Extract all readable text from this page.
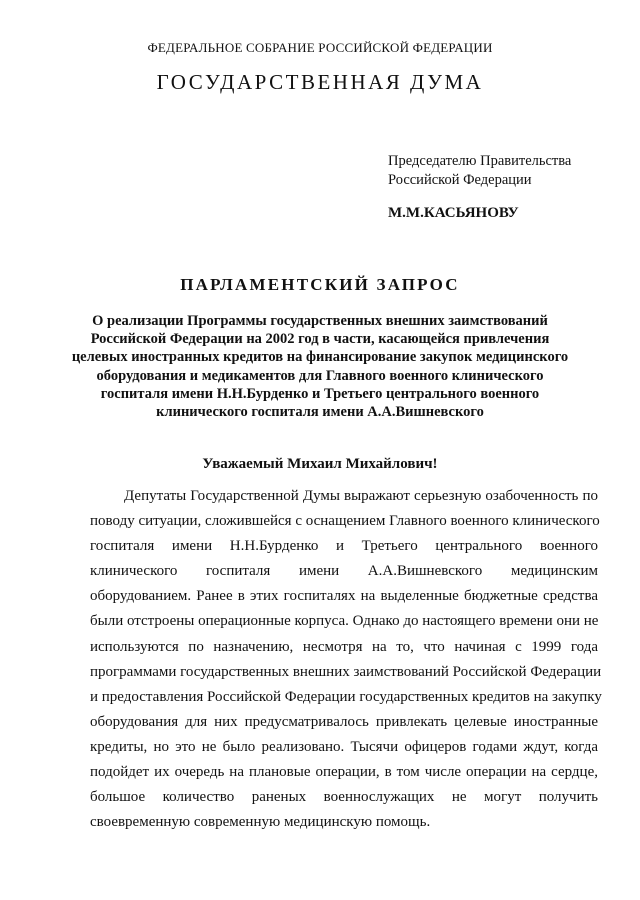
ФЕДЕРАЛЬНОЕ СОБРАНИЕ РОССИЙСКОЙ ФЕДЕРАЦИИ
ГОСУДАРСТВЕННАЯ ДУМА
Председателю Правительства
Российской Федерации
М.М.КАСЬЯНОВУ
ПАРЛАМЕНТСКИЙ ЗАПРОС
О реализации Программы государственных внешних заимствований
Российской Федерации на 2002 год в части, касающейся привлечения
целевых иностранных кредитов на финансирование закупок медицинского
оборудования и медикаментов для Главного военного клинического
госпиталя имени Н.Н.Бурденко и Третьего центрального военного
клинического госпиталя имени А.А.Вишневского
Уважаемый Михаил Михайлович!
Депутаты Государственной Думы выражают серьезную озабоченность по
поводу ситуации, сложившейся с оснащением Главного военного клинического
госпиталя имени Н.Н.Бурденко и Третьего центрального военного
клинического госпиталя имени А.А.Вишневского медицинским
оборудованием. Ранее в этих госпиталях на выделенные бюджетные средства
были отстроены операционные корпуса. Однако до настоящего времени они не
используются по назначению, несмотря на то, что начиная с 1999 года
программами государственных внешних заимствований Российской Федерации
и предоставления Российской Федерации государственных кредитов на закупку
оборудования для них предусматривалось привлекать целевые иностранные
кредиты, но это не было реализовано. Тысячи офицеров годами ждут, когда
подойдет их очередь на плановые операции, в том числе операции на сердце,
большое количество раненых военнослужащих не могут получить
своевременную современную медицинскую помощь.
